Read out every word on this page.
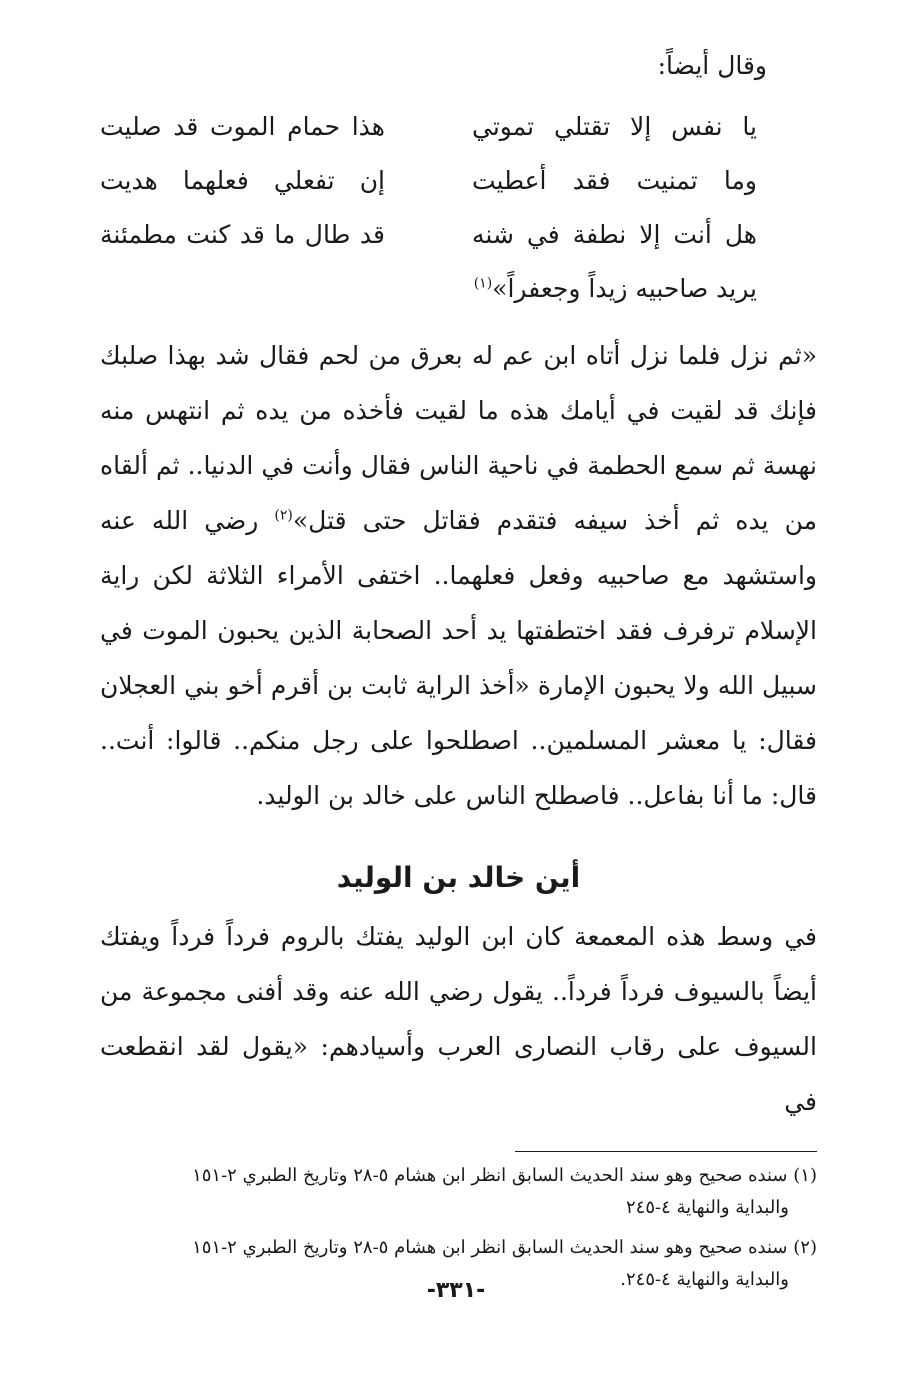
وقال أيضاً:
يا نفس إلا تقتلي تموتي
هذا حمام الموت قد صليت
وما تمنيت فقد أعطيت
إن تفعلي فعلهما هديت
هل أنت إلا نطفة في شنه
قد طال ما قد كنت مطمئنة
يريد صاحبيه زيداً وجعفراً»$^{(١)}$

«ثم نزل فلما نزل أتاه ابن عم له بعرق من لحم فقال شد بهذا صلبك فإنك قد لقيت في أيامك هذه ما لقيت فأخذه من يده ثم انتهس منه نهسة ثم سمع الحطمة في ناحية الناس فقال وأنت في الدنيا.. ثم ألقاه من يده ثم أخذ سيفه فتقدم فقاتل حتى قتل»$^{(٢)}$ رضي الله عنه واستشهد مع صاحبيه وفعل فعلهما.. اختفى الأمراء الثلاثة لكن راية الإسلام ترفرف فقد اختطفتها يد أحد الصحابة الذين يحبون الموت في سبيل الله ولا يحبون الإمارة «أخذ الراية ثابت بن أقرم أخو بني العجلان فقال: يا معشر المسلمين.. اصطلحوا على رجل منكم.. قالوا: أنت.. قال: ما أنا بفاعل.. فاصطلح الناس على خالد بن الوليد.

أين خالد بن الوليد

في وسط هذه المعمعة كان ابن الوليد يفتك بالروم فرداً فرداً ويفتك أيضاً بالسيوف فرداً فرداً.. يقول رضي الله عنه وقد أفنى مجموعة من السيوف على رقاب النصارى العرب وأسيادهم: «يقول لقد انقطعت في

(١) سنده صحيح وهو سند الحديث السابق انظر ابن هشام ٥-٢٨ وتاريخ الطبري ٢-١٥١
والبداية والنهاية ٤-٢٤٥
(٢) سنده صحيح وهو سند الحديث السابق انظر ابن هشام ٥-٢٨ وتاريخ الطبري ٢-١٥١
والبداية والنهاية ٤-٢٤٥.
-٣٣١-
